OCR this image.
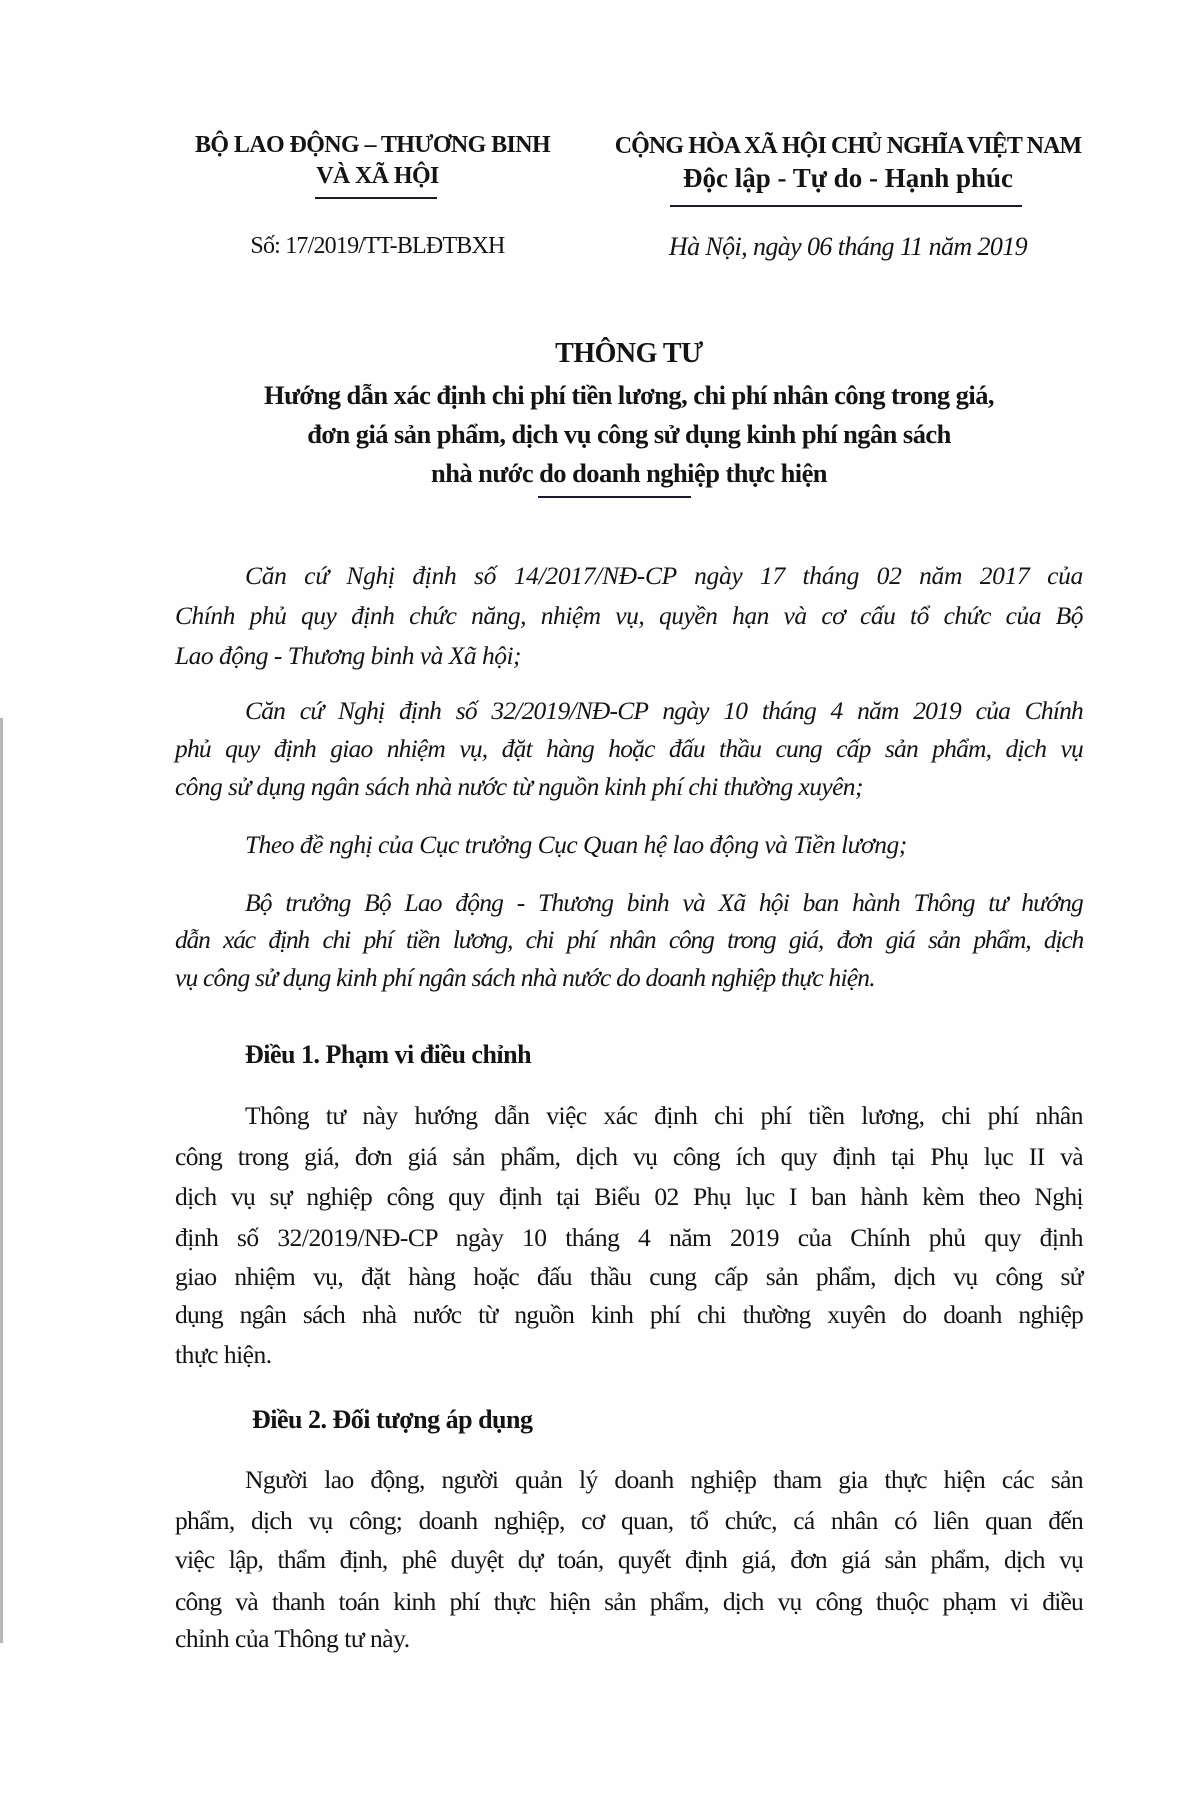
BỘ LAO ĐỘNG – THƯƠNG BINH
VÀ XÃ HỘI
Số: 17/2019/TT-BLĐTBXH
CỘNG HÒA XÃ HỘI CHỦ NGHĨA VIỆT NAM
Độc lập - Tự do - Hạnh phúc
Hà Nội, ngày 06 tháng 11 năm 2019
THÔNG TƯ
Hướng dẫn xác định chi phí tiền lương, chi phí nhân công trong giá,
đơn giá sản phẩm, dịch vụ công sử dụng kinh phí ngân sách
nhà nước do doanh nghiệp thực hiện
Căn cứ Nghị định số 14/2017/NĐ-CP ngày 17 tháng 02 năm 2017 của
Chính phủ quy định chức năng, nhiệm vụ, quyền hạn và cơ cấu tổ chức của Bộ
Lao động - Thương binh và Xã hội;
Căn cứ Nghị định số 32/2019/NĐ-CP ngày 10 tháng 4 năm 2019 của Chính
phủ quy định giao nhiệm vụ, đặt hàng hoặc đấu thầu cung cấp sản phẩm, dịch vụ
công sử dụng ngân sách nhà nước từ nguồn kinh phí chi thường xuyên;
Theo đề nghị của Cục trưởng Cục Quan hệ lao động và Tiền lương;
Bộ trưởng Bộ Lao động - Thương binh và Xã hội ban hành Thông tư hướng
dẫn xác định chi phí tiền lương, chi phí nhân công trong giá, đơn giá sản phẩm, dịch
vụ công sử dụng kinh phí ngân sách nhà nước do doanh nghiệp thực hiện.
Điều 1. Phạm vi điều chỉnh
Thông tư này hướng dẫn việc xác định chi phí tiền lương, chi phí nhân
công trong giá, đơn giá sản phẩm, dịch vụ công ích quy định tại Phụ lục II và
dịch vụ sự nghiệp công quy định tại Biểu 02 Phụ lục I ban hành kèm theo Nghị
định số 32/2019/NĐ-CP ngày 10 tháng 4 năm 2019 của Chính phủ quy định
giao nhiệm vụ, đặt hàng hoặc đấu thầu cung cấp sản phẩm, dịch vụ công sử
dụng ngân sách nhà nước từ nguồn kinh phí chi thường xuyên do doanh nghiệp
thực hiện.
Điều 2. Đối tượng áp dụng
Người lao động, người quản lý doanh nghiệp tham gia thực hiện các sản
phẩm, dịch vụ công; doanh nghiệp, cơ quan, tổ chức, cá nhân có liên quan đến
việc lập, thẩm định, phê duyệt dự toán, quyết định giá, đơn giá sản phẩm, dịch vụ
công và thanh toán kinh phí thực hiện sản phẩm, dịch vụ công thuộc phạm vi điều
chỉnh của Thông tư này.
